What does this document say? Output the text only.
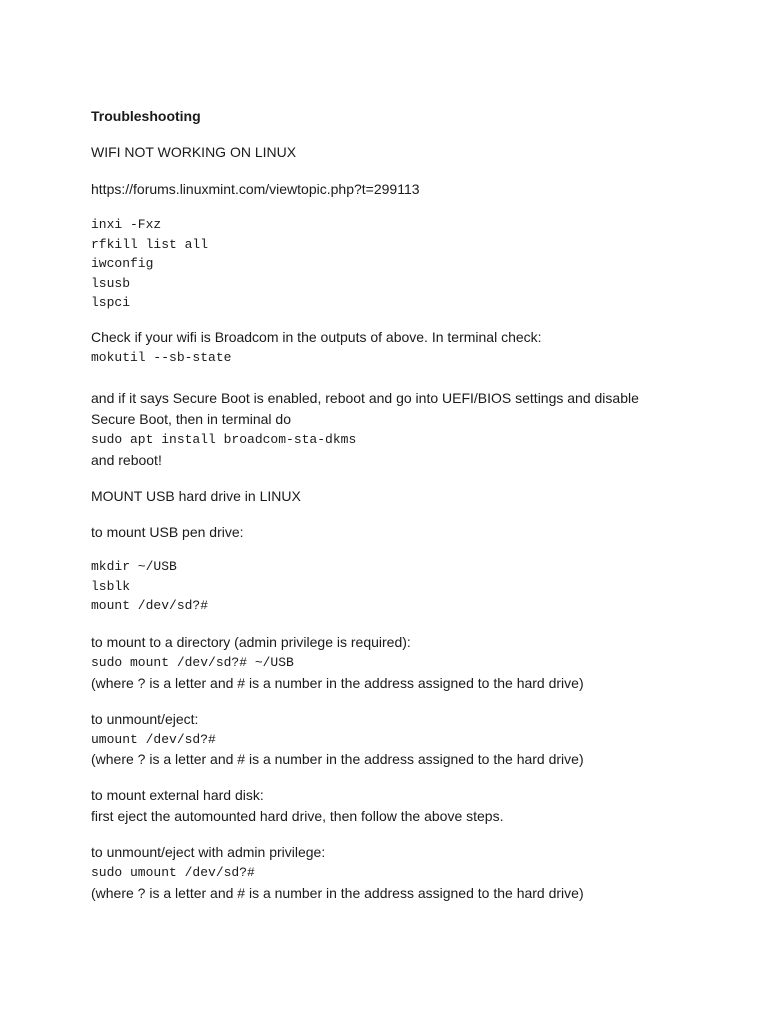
Troubleshooting
WIFI NOT WORKING ON LINUX
https://forums.linuxmint.com/viewtopic.php?t=299113
inxi -Fxz
rfkill list all
iwconfig
lsusb
lspci
Check if your wifi is Broadcom in the outputs of above. In terminal check:
mokutil --sb-state
and if it says Secure Boot is enabled, reboot and go into UEFI/BIOS settings and disable Secure Boot, then in terminal do
sudo apt install broadcom-sta-dkms
and reboot!
MOUNT USB hard drive in LINUX
to mount USB pen drive:
mkdir ~/USB
lsblk
mount /dev/sd?#
to mount to a directory (admin privilege is required):
sudo mount /dev/sd?# ~/USB
(where ? is a letter and # is a number in the address assigned to the hard drive)
to unmount/eject:
umount /dev/sd?#
(where ? is a letter and # is a number in the address assigned to the hard drive)
to mount external hard disk:
first eject the automounted hard drive, then follow the above steps.
to unmount/eject with admin privilege:
sudo umount /dev/sd?#
(where ? is a letter and # is a number in the address assigned to the hard drive)
